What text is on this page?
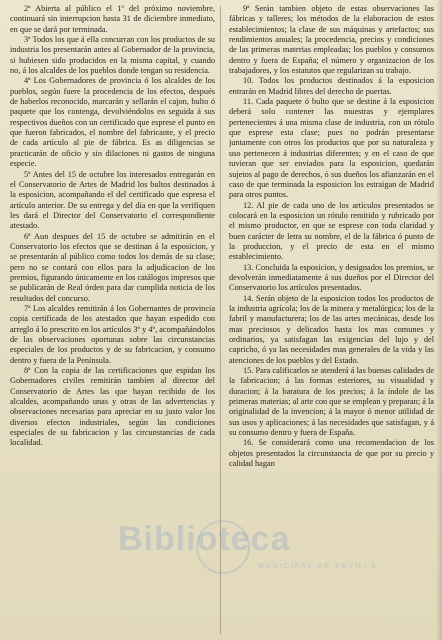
2ª Abierta al público el 1º del próximo noviembre, continuará sin interrupcion hasta 31 de diciembre inmediato, en que se dará por terminada.

3ª Todos los que á ella concurran con los productos de su industria los presentarán antes al Gobernador de la provincia, si hubiesen sido producidos en la misma capital, y cuando no, á los alcaldes de los pueblos donde tengan su residencia.

4ª Los Gobernadores de provincia ó los alcaldes de los pueblos, según fuere la procedencia de los efectos, después de haberlos reconocido, marcarán y sellarán el cajon, bulto ó paquete que los contenga, devolviéndolos en seguida á sus respectivos dueños con un certificado que esprese el punto en que fueron fabricados, el nombre del fabricante, y el precio de cada artículo al pie de fábrica. Es as diligencias se practicarán de oficio y sin dilaciones ni gastos de ninguna especie.

5ª Antes del 15 de octubre los interesados entregarán en el Conservatorio de Artes de Madrid los bultos destinados á la esposicion, acompañando el del certificado que espresa el artículo anterior. De su entrega y del día en que la verifiquen les dará el Director del Conservatorio el correspondiente atestado.

6ª Aun despues del 15 de octubre se admitirán en el Conservatorio los efectos que se destinan á la esposicion, y se presentarán al público como todos los demás de su clase; pero no se contará con ellos para la adjudicacion de los premios, figurando únicamente en los catálogos impresos que se publicarán de Real órden para dar cumplida noticia de los resultados del concurso.

7ª Los alcaldes remitirán á los Gobernantes de provincia copia certificada de los atestados que hayan espedido con arreglo á lo prescrito en los artículos 3º y 4º, acompañándolos de las observaciones oportunas sobre las circunstancias especiales de los productos y de su fabricacion, y consumo dentro y fuera de la Península.

8ª Con la copia de las certificaciones que espidan los Gobernadores civiles remitirán tambien al director del Conservatorio de Artes las que hayan recibido de los alcaldes, acompañando unas y otras de las advertencias y observaciones necesarias para apreciar en su justo valor los diversos efectos industriales, según las condiciones especiales de su fabricacion y las circunstancias de cada localidad.

9ª Serán tambien objeto de estas observaciones las fábricas y talleres; los métodos de la elaboracion de estos establecimientos; la clase de sus máquinas y artefactos; sus rendimientos anuales; la procedencia, precios y condiciones de las primeras materias empleadas; los pueblos y consumos dentro y fuera de España; el número y organizacion de los trabajadores, y los estatutos que regularizan su trabajo.

10. Todos los productos destinados á la esposicion entrarán en Madrid libres del derecho de puertas.

11. Cada paquete ó bulto que se destine á la esposicion deberá solo contener las muestras y ejemplares pertenecientes á una misma clase de industria, con un rótulo que esprese esta clase; pues no podrán presentarse juntamente con otros los productos que por su naturaleza y uso pertenecen á industrias diferentes; y en el caso de que tuvieran que ser enviados para la esposicion, quedarán sujetos al pago de derechos, ó sus dueños los afianzarán en el caso de que terminada la esposicion los estraigan de Madrid para otros puntos.

12. Al pie de cada uno de los artículos presentados se colocará en la esposicion un rótulo remitido y rubricado por el mismo productor, en que se esprese con toda claridad y buen carácter de letra su nombre, el de la fábrica ó punto de la produccion, y el precio de esta en el mismo establecimiento.

13. Concluida la esposicion, y designados los premios, se devolverán inmediatamente á sus dueños por el Director del Conservatorio los artículos presentados.

14. Serán objeto de la esposicion todos los productos de la industria agrícola; los de la minera y metalúrgica; los de la fabril y manufacturera; los de las artes mecánicas, desde los mas preciosos y delicados hasta los mas comunes y ordinarios, ya satisfagan las exigencias del lujo y del capricho, ó ya las necesidades mas generales de la vida y las atenciones de los pueblos y del Estado.

15. Para calificarlos se atenderá á las buenas calidades de la fabricacion; á las formas esteriores, su visualidad y duracion; á la baratura de los precios; á la índole de las primeras materias; al arte con que se emplean y preparan; á la originalidad de la invencion; á la mayor ó menor utilidad de sus usos y aplicaciones; á las necesidades que satisfagan, y á su consumo dentro y fuera de España.

16. Se considerará como una recomendacion de los objetos presentados la circunstancia de que por su precio y calidad hagan

Biblioteca
MUNICIPAL DE SEVILLA
